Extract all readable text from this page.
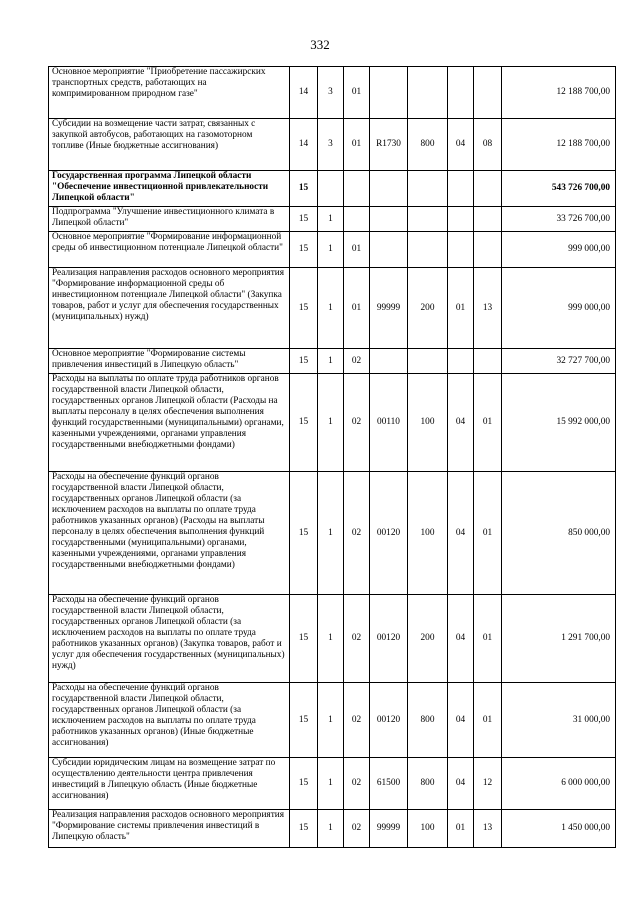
332
Основное мероприятие "Приобретение пассажирских транспортных средств, работающих на компримированном природном газе"	14	3	01					12 188 700,00
Субсидии на возмещение части затрат, связанных с закупкой автобусов, работающих на газомоторном топливе (Иные бюджетные ассигнования)	14	3	01	R1730	800	04	08	12 188 700,00
Государственная программа Липецкой области "Обеспечение инвестиционной привлекательности Липецкой области"	15							543 726 700,00
Подпрограмма "Улучшение инвестиционного климата в Липецкой области"	15	1						33 726 700,00
Основное мероприятие "Формирование информационной среды об инвестиционном потенциале Липецкой области"	15	1	01					999 000,00
Реализация направления расходов основного мероприятия "Формирование информационной среды об инвестиционном потенциале Липецкой области" (Закупка товаров, работ и услуг для обеспечения государственных (муниципальных) нужд)	15	1	01	99999	200	01	13	999 000,00
Основное мероприятие "Формирование системы привлечения инвестиций в Липецкую область"	15	1	02					32 727 700,00
Расходы на выплаты по оплате труда работников органов государственной власти Липецкой области, государственных органов Липецкой области (Расходы на выплаты персоналу в целях обеспечения выполнения функций государственными (муниципальными) органами, казенными учреждениями, органами управления государственными внебюджетными фондами)	15	1	02	00110	100	04	01	15 992 000,00
Расходы на обеспечение функций органов государственной власти Липецкой области, государственных органов Липецкой области (за исключением расходов на выплаты по оплате труда работников указанных органов) (Расходы на выплаты персоналу в целях обеспечения выполнения функций государственными (муниципальными) органами, казенными учреждениями, органами управления государственными внебюджетными фондами)	15	1	02	00120	100	04	01	850 000,00
Расходы на обеспечение функций органов государственной власти Липецкой области, государственных органов Липецкой области (за исключением расходов на выплаты по оплате труда работников указанных органов) (Закупка товаров, работ и услуг для обеспечения государственных (муниципальных) нужд)	15	1	02	00120	200	04	01	1 291 700,00
Расходы на обеспечение функций органов государственной власти Липецкой области, государственных органов Липецкой области (за исключением расходов на выплаты по оплате труда работников указанных органов) (Иные бюджетные ассигнования)	15	1	02	00120	800	04	01	31 000,00
Субсидии юридическим лицам на возмещение затрат по осуществлению деятельности центра привлечения инвестиций в Липецкую область (Иные бюджетные ассигнования)	15	1	02	61500	800	04	12	6 000 000,00
Реализация направления расходов основного мероприятия "Формирование системы привлечения инвестиций в Липецкую область"	15	1	02	99999	100	01	13	1 450 000,00
